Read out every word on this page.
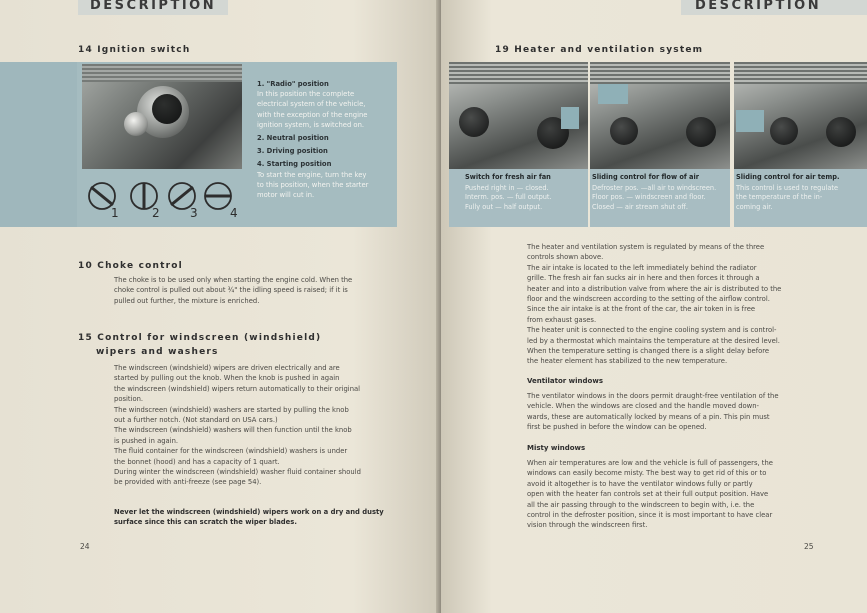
DESCRIPTION
14 Ignition switch
1. "Radio" position
In this position the complete
electrical system of the vehicle,
with the exception of the engine
ignition system, is switched on.
2. Neutral position
3. Driving position
4. Starting position
To start the engine, turn the key
to this position, when the starter
motor will cut in.
1	2	3	4
10 Choke control

The choke is to be used only when starting the engine cold. When the

choke control is pulled out about ¾" the idling speed is raised; if it is

pulled out further, the mixture is enriched.

15 Control for windscreen (windshield)
wipers and washers

The windscreen (windshield) wipers are driven electrically and are

started by pulling out the knob. When the knob is pushed in again

the windscreen (windshield) wipers return automatically to their original

position.

The windscreen (windshield) washers are started by pulling the knob

out a further notch. (Not standard on USA cars.)

The windscreen (windshield) washers will then function until the knob

is pushed in again.

The fluid container for the windscreen (windshield) washers is under

the bonnet (hood) and has a capacity of 1 quart.

During winter the windscreen (windshield) washer fluid container should

be provided with anti-freeze (see page 54).

Never let the windscreen (windshield) wipers work on a dry and dusty

surface since this can scratch the wiper blades.

24
DESCRIPTION
19 Heater and ventilation system
Switch for fresh air fan
Pushed right in — closed.
Interm. pos. — full output.
Fully out — half output.
Sliding control for flow of air
Defroster pos. —all air to windscreen.
Floor pos. — windscreen and floor.
Closed — air stream shut off.
Sliding control for air temp.
This control is used to regulate
the temperature of the in-
coming air.

The heater and ventilation system is regulated by means of the three

controls shown above.

The air intake is located to the left immediately behind the radiator

grille. The fresh air fan sucks air in here and then forces it through a

heater and into a distribution valve from where the air is distributed to the

floor and the windscreen according to the setting of the airflow control.

Since the air intake is at the front of the car, the air token in is free

from exhaust gases.

The heater unit is connected to the engine cooling system and is control-

led by a thermostat which maintains the temperature at the desired level.

When the temperature setting is changed there is a slight delay before

the heater element has stabilized to the new temperature.

Ventilator windows

The ventilator windows in the doors permit draught-free ventilation of the

vehicle. When the windows are closed and the handle moved down-

wards, these are automatically locked by means of a pin. This pin must

first be pushed in before the window can be opened.

Misty windows

When air temperatures are low and the vehicle is full of passengers, the

windows can easily become misty. The best way to get rid of this or to

avoid it altogether is to have the ventilator windows fully or partly

open with the heater fan controls set at their full output position. Have

all the air passing through to the windscreen to begin with, i.e. the

control in the defroster position, since it is most important to have clear

vision through the windscreen first.

25
